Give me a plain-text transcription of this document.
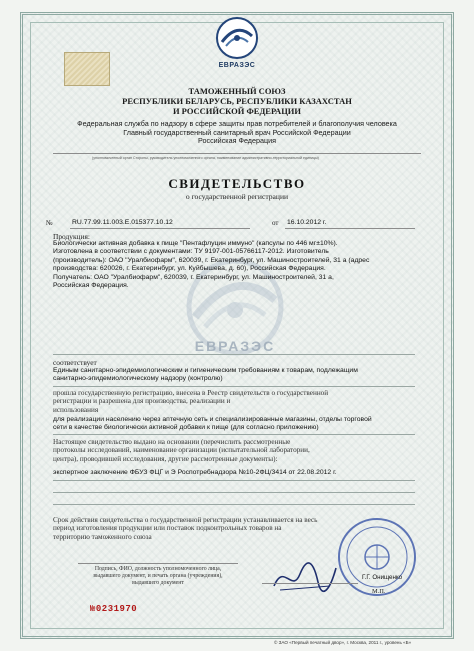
ЕВРАЗЭС
ЕВРАЗЭС
ТАМОЖЕННЫЙ СОЮЗ
РЕСПУБЛИКИ БЕЛАРУСЬ, РЕСПУБЛИКИ КАЗАХСТАН
И РОССИЙСКОЙ ФЕДЕРАЦИИ
Федеральная служба по надзору в сфере защиты прав потребителей и благополучия человека
Главный государственный санитарный врач Российской Федерации
Российская Федерация
(уполномоченный орган Стороны, руководитель уполномоченного органа, наименование административно-территориальной единицы)
СВИДЕТЕЛЬСТВО
о государственной регистрации
№	RU.77.99.11.003.Е.015377.10.12	от 16.10.2012 г.
Продукция:
Биологически активная добавка к пище "Пентафлуцин иммуно" (капсулы по 446 мг±10%).
Изготовлена в соответствии с документами: ТУ 9197-001-05766117-2012. Изготовитель
(производитель): ОАО "Уралбиофарм", 620039, г. Екатеринбург, ул. Машиностроителей, 31 а (адрес
производства: 620026, г. Екатеринбург, ул. Куйбышева, д. 60), Российская Федерация.
Получатель: ОАО "Уралбиофарм", 620039, г. Екатеринбург, ул. Машиностроителей, 31 а,
Российская Федерация.
соответствует
Единым санитарно-эпидемиологическим и гигиеническим требованиям к товарам, подлежащим
санитарно-эпидемиологическому надзору (контролю)
прошла государственную регистрацию, внесена в Реестр свидетельств о государственной
регистрации и разрешена для производства, реализации и
использования
для реализации населению через аптечную сеть и специализированные магазины, отделы торговой
сети в качестве биологически активной добавки к пище (для согласно приложению)
Настоящее свидетельство выдано на основании (перечислить рассмотренные
протоколы исследований, наименование организации (испытательной лаборатории,
центра), проводившей исследования, другие рассмотренные документы):
экспертное заключение ФБУЗ ФЦГ и Э Роспотребнадзора №10-2ФЦ/3414 от 22.08.2012 г.
Срок действия свидетельства о государственной регистрации устанавливается на весь
период изготовления продукции или поставок подконтрольных товаров на
территорию таможенного союза
Подпись, ФИО, должность уполномоченного лица,
выдавшего документ, и печать органа (учреждения),
выдавшего документ
Г.Г. Онищенко
М.П.
№0231970
© ЗАО «Первый печатный двор», г. Москва, 2011 г., уровень «Б»
